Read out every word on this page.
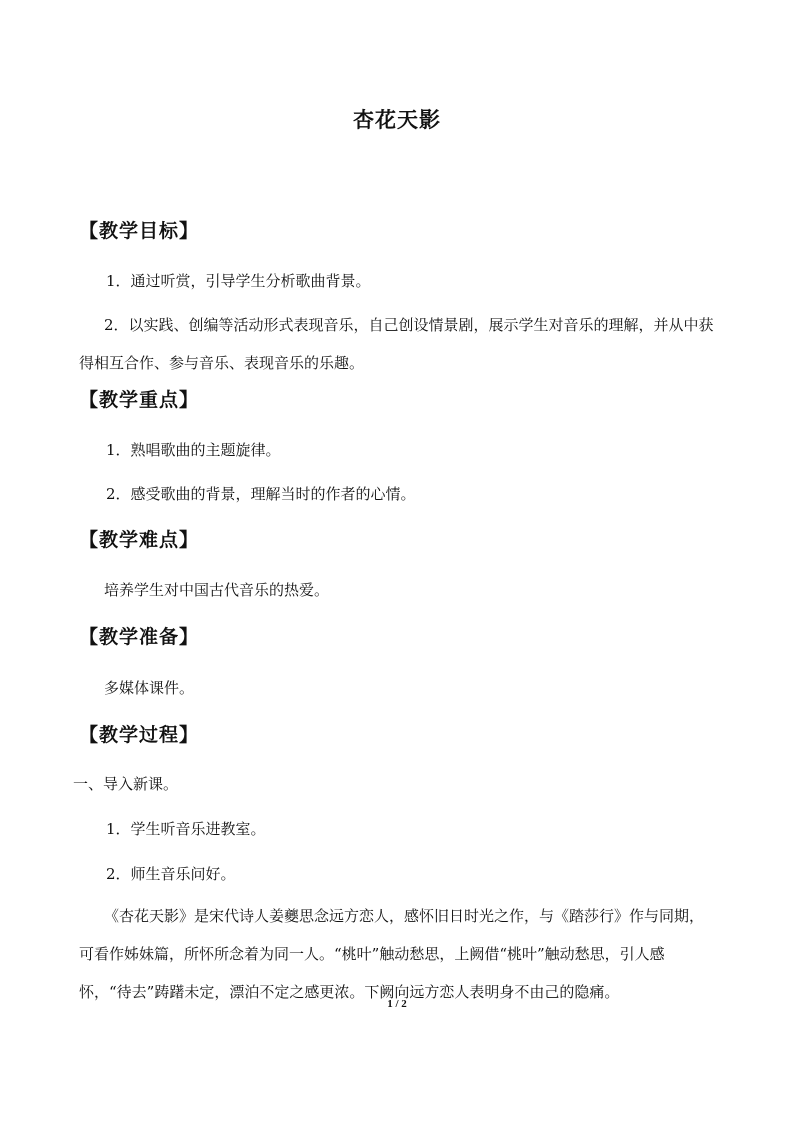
杏花天影
【教学目标】
1．通过听赏，引导学生分析歌曲背景。
2．以实践、创编等活动形式表现音乐，自己创设情景剧，展示学生对音乐的理解，并从中获得相互合作、参与音乐、表现音乐的乐趣。
【教学重点】
1．熟唱歌曲的主题旋律。
2．感受歌曲的背景，理解当时的作者的心情。
【教学难点】
培养学生对中国古代音乐的热爱。
【教学准备】
多媒体课件。
【教学过程】
一、导入新课。
1．学生听音乐进教室。
2．师生音乐问好。
《杏花天影》是宋代诗人姜夔思念远方恋人，感怀旧日时光之作，与《踏莎行》作与同期，可看作姊妹篇，所怀所念着为同一人。“桃叶”触动愁思，上阙借“桃叶”触动愁思，引人感怀，“待去”踌躇未定，漂泊不定之感更浓。下阙向远方恋人表明身不由己的隐痛。
1 / 2
